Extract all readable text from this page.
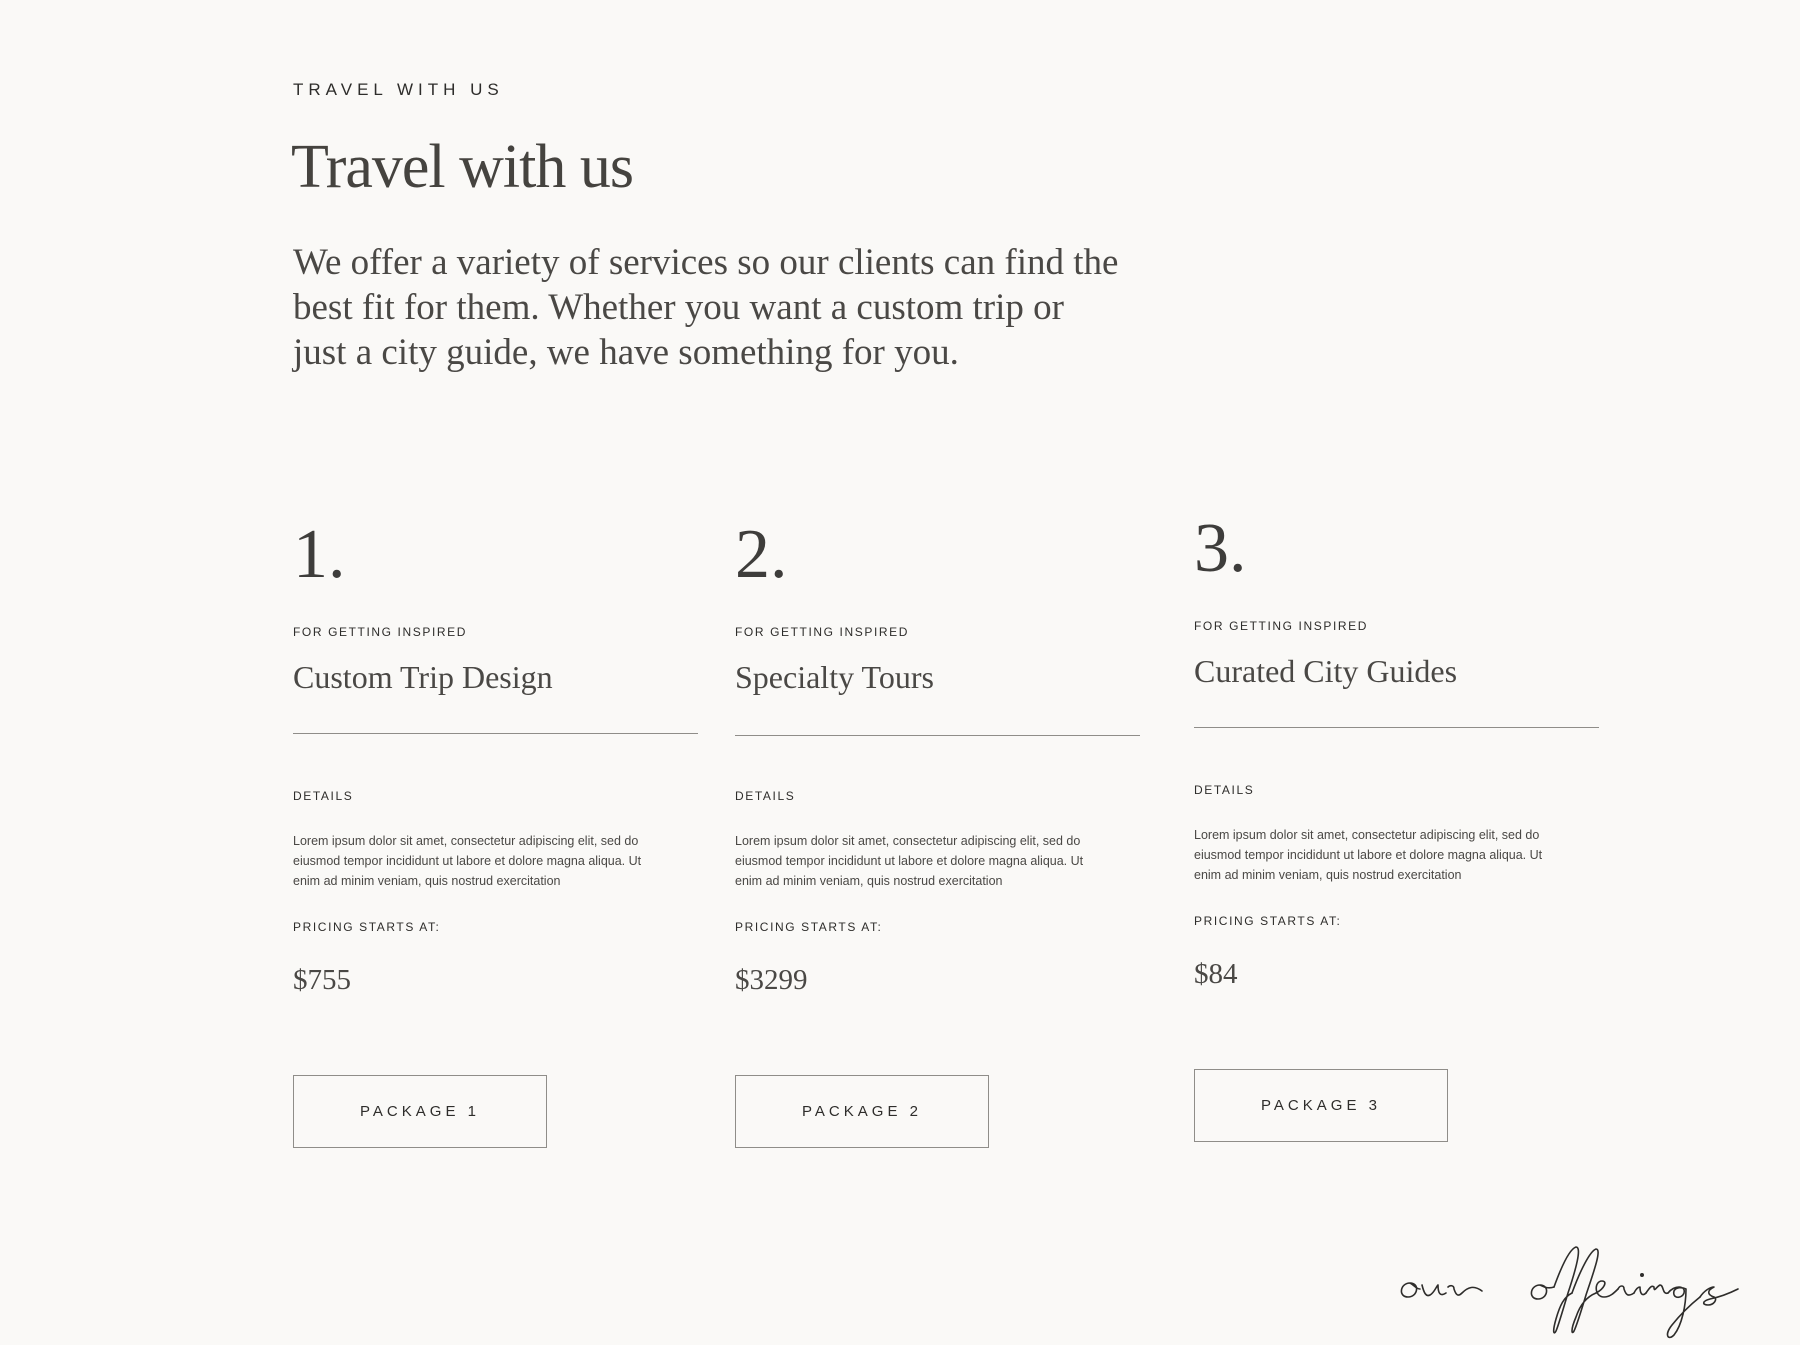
TRAVEL WITH US
Travel with us

We offer a variety of services so our clients can find the best fit for them. Whether you want a custom trip or just a city guide, we have something for you.

1.
FOR GETTING INSPIRED
Custom Trip Design
DETAILS
Lorem ipsum dolor sit amet, consectetur adipiscing elit, sed do eiusmod tempor incididunt ut labore et dolore magna aliqua. Ut enim ad minim veniam, quis nostrud exercitation
PRICING STARTS AT:
$755
PACKAGE 1
2.
FOR GETTING INSPIRED
Specialty Tours
DETAILS
Lorem ipsum dolor sit amet, consectetur adipiscing elit, sed do eiusmod tempor incididunt ut labore et dolore magna aliqua. Ut enim ad minim veniam, quis nostrud exercitation
PRICING STARTS AT:
$3299
PACKAGE 2
3.
FOR GETTING INSPIRED
Curated City Guides
DETAILS
Lorem ipsum dolor sit amet, consectetur adipiscing elit, sed do eiusmod tempor incididunt ut labore et dolore magna aliqua. Ut enim ad minim veniam, quis nostrud exercitation
PRICING STARTS AT:
$84
PACKAGE 3
